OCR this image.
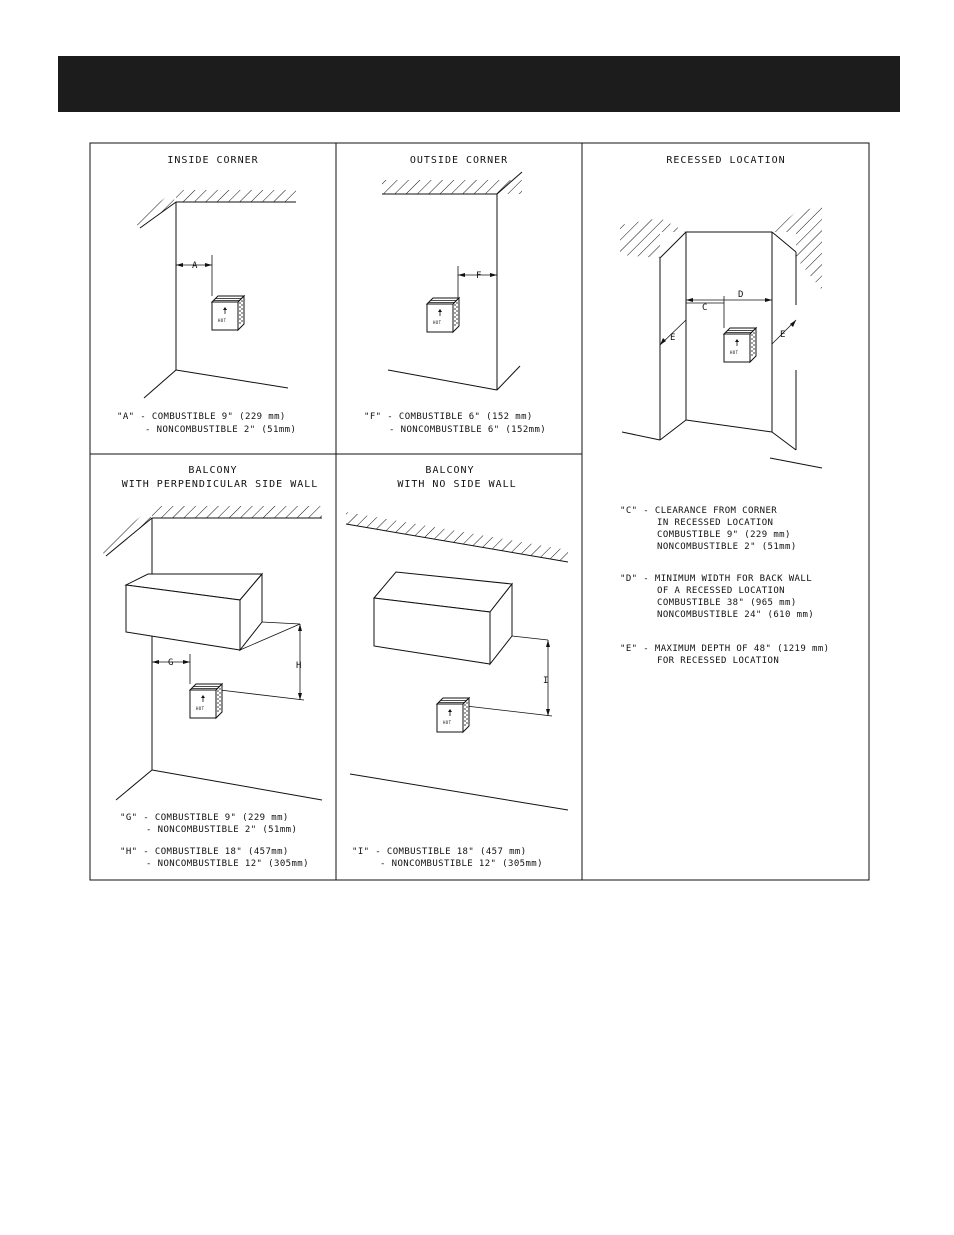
INSIDE CORNER
A
HOT
"A" - COMBUSTIBLE 9" (229 mm)
- NONCOMBUSTIBLE 2" (51mm)
OUTSIDE CORNER
F
HOT
"F" - COMBUSTIBLE 6" (152 mm)
- NONCOMBUSTIBLE 6" (152mm)
RECESSED LOCATION
D
C
E	E
HOT
"C" - CLEARANCE FROM CORNER
IN RECESSED LOCATION
COMBUSTIBLE 9" (229 mm)
NONCOMBUSTIBLE 2" (51mm)
"D" - MINIMUM WIDTH FOR BACK WALL
OF A RECESSED LOCATION
COMBUSTIBLE 38" (965 mm)
NONCOMBUSTIBLE 24" (610 mm)
"E" - MAXIMUM DEPTH OF 48" (1219 mm)
FOR RECESSED LOCATION
BALCONY
WITH PERPENDICULAR SIDE WALL
H
G
HOT
"G" - COMBUSTIBLE 9" (229 mm)
- NONCOMBUSTIBLE 2" (51mm)
"H" - COMBUSTIBLE 18" (457mm)
- NONCOMBUSTIBLE 12" (305mm)
BALCONY
WITH NO SIDE WALL
I
HOT
"I" - COMBUSTIBLE 18" (457 mm)
- NONCOMBUSTIBLE 12" (305mm)
